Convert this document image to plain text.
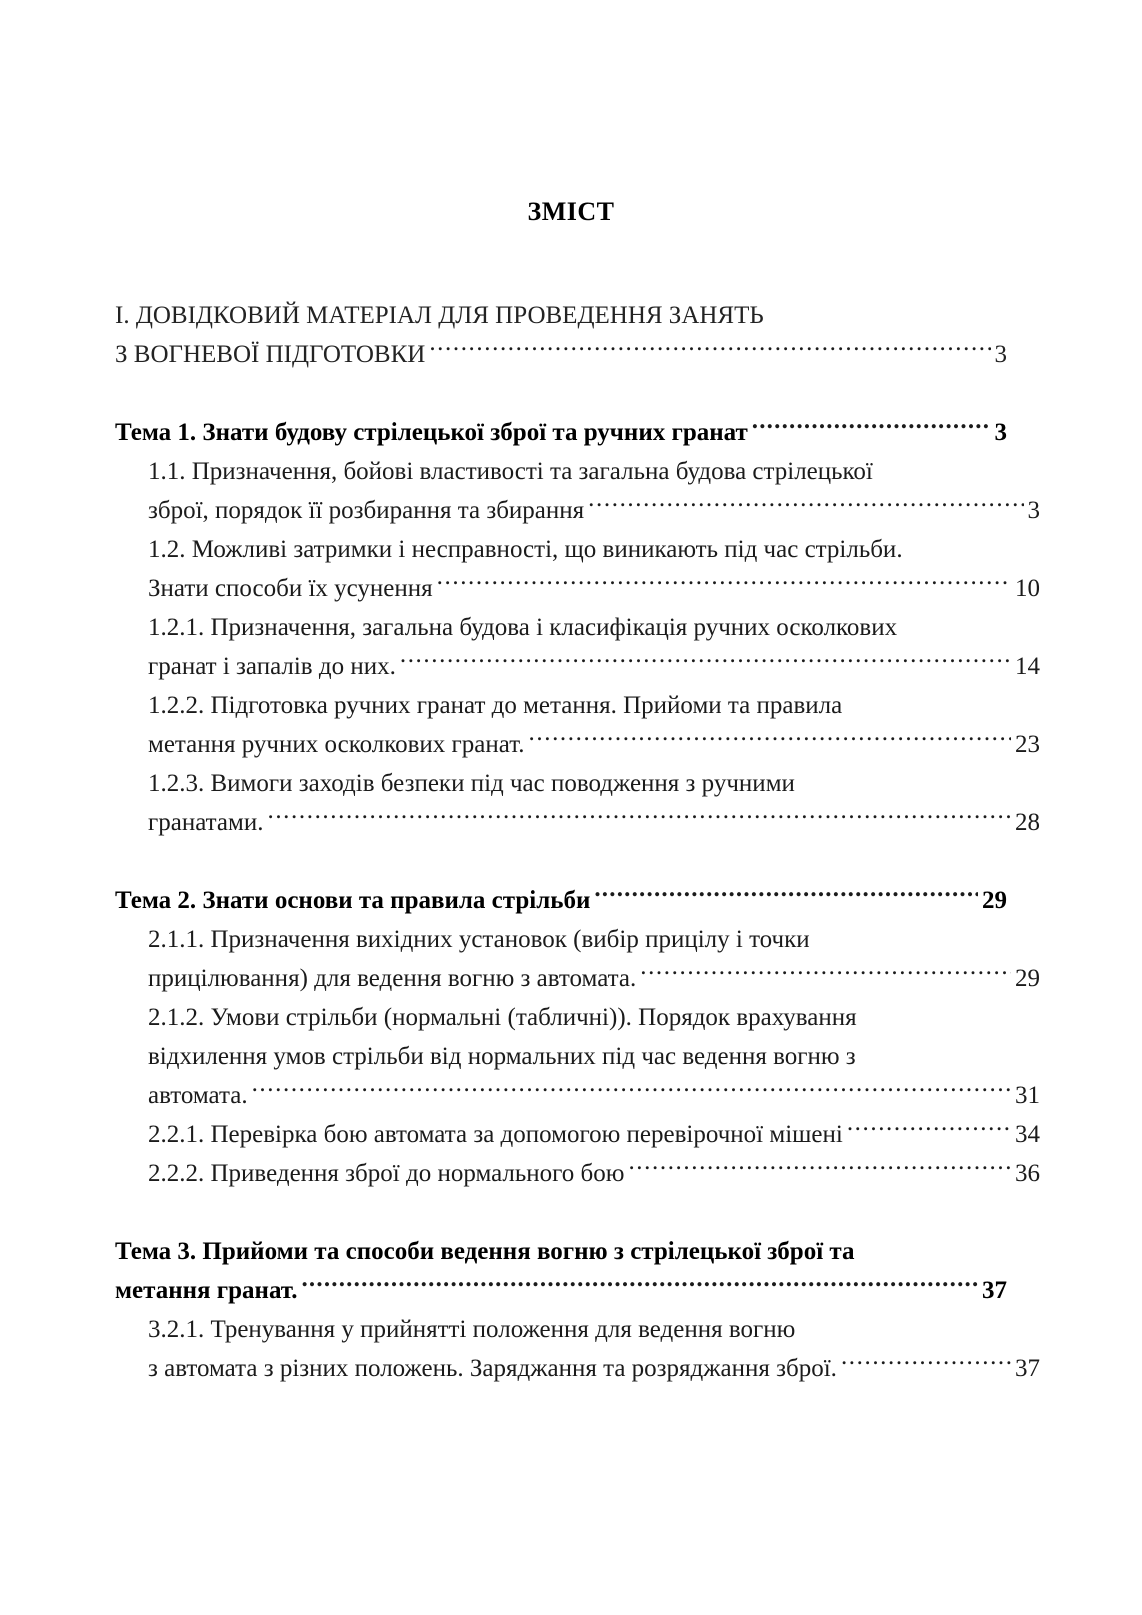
ЗМІСТ
І. ДОВІДКОВИЙ МАТЕРІАЛ ДЛЯ ПРОВЕДЕННЯ ЗАНЯТЬ
З ВОГНЕВОЇ ПІДГОТОВКИ .....	3
Тема 1. Знати будову стрілецької зброї та ручних гранат .....	3
1.1. Призначення, бойові властивості та загальна будова стрілецької
зброї, порядок її розбирання та збирання .....	3
1.2. Можливі затримки і несправності, що виникають під час стрільби.
Знати способи їх усунення .....	10
1.2.1. Призначення, загальна будова і класифікація ручних осколкових
гранат і запалів до них. .....	14
1.2.2. Підготовка ручних гранат до метання. Прийоми та правила
метання ручних осколкових гранат. .....	23
1.2.3. Вимоги заходів безпеки під час поводження з ручними
гранатами. .....	28
Тема 2. Знати основи та правила стрільби .....	29
2.1.1. Призначення вихідних установок (вибір прицілу і точки
прицілювання) для ведення вогню з автомата. .....	29
2.1.2. Умови стрільби (нормальні (табличні)). Порядок врахування
відхилення умов стрільби від нормальних під час ведення вогню з
автомата. .....	31
2.2.1. Перевірка бою автомата за допомогою перевірочної мішені .....	34
2.2.2. Приведення зброї до нормального бою .....	36
Тема 3. Прийоми та способи ведення вогню з стрілецької зброї та
метання гранат. .....	37
3.2.1. Тренування у прийнятті положення для ведення вогню
з автомата з різних положень. Заряджання та розряджання зброї. .....	37
